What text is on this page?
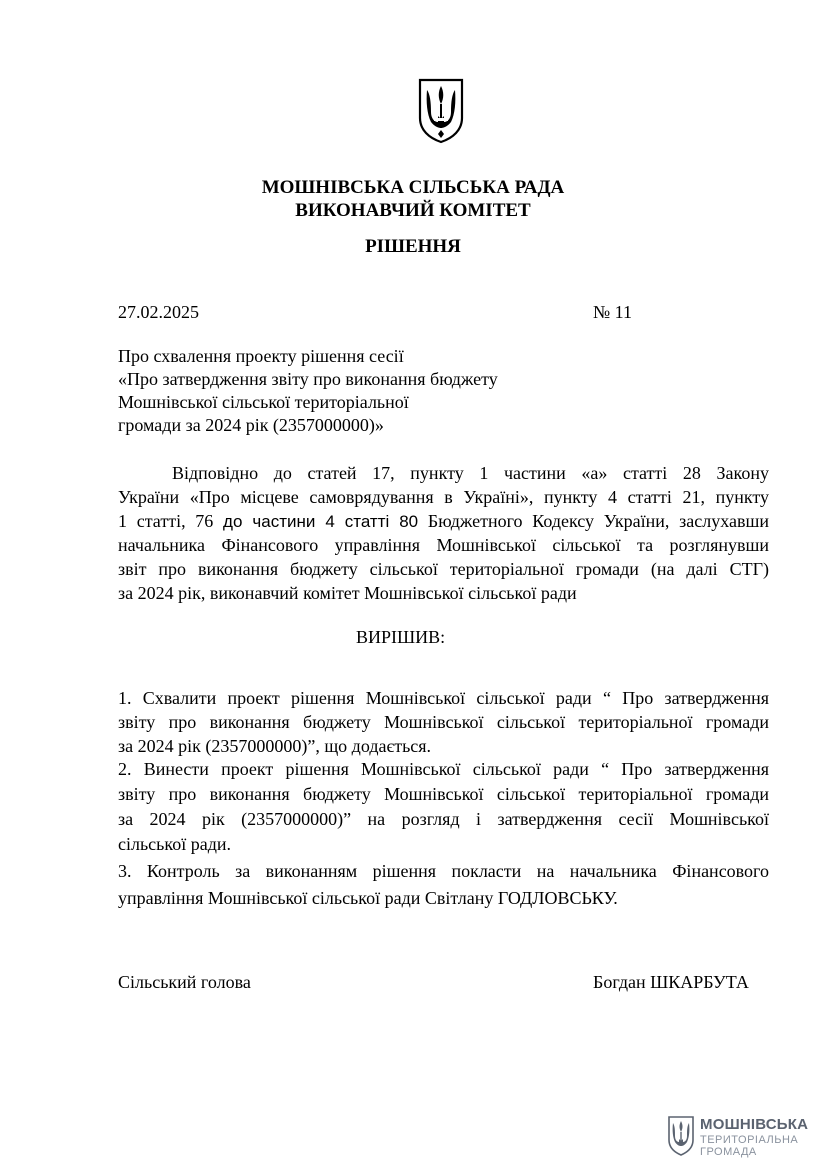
МОШНІВСЬКА СІЛЬСЬКА РАДА
ВИКОНАВЧИЙ КОМІТЕТ
РІШЕННЯ
27.02.2025	№ 11
Про схвалення проекту рішення сесії
«Про затвердження звіту про виконання бюджету
Мошнівської сільської територіальної
громади за 2024 рік (2357000000)»
Відповідно до статей 17, пункту 1 частини «а» статті 28 Закону
України «Про місцеве самоврядування в Україні», пункту 4 статті 21, пункту
1 статті, 76 до частини 4 статті 80 Бюджетного Кодексу України, заслухавши
начальника Фінансового управління Мошнівської сільської та розглянувши
звіт про виконання бюджету сільської територіальної громади (на далі СТГ)
за 2024 рік, виконавчий комітет Мошнівської сільської ради
ВИРІШИВ:
1. Схвалити проект рішення Мошнівської сільської ради “ Про затвердження
звіту про виконання бюджету Мошнівської сільської територіальної громади
за 2024 рік (2357000000)”, що додається.
2. Винести проект рішення Мошнівської сільської ради “ Про затвердження
звіту про виконання бюджету Мошнівської сільської територіальної громади
за 2024 рік (2357000000)” на розгляд і затвердження сесії Мошнівської
сільської ради.
3. Контроль за виконанням рішення покласти на начальника Фінансового
управління Мошнівської сільської ради Світлану ГОДЛОВСЬКУ.
Сільський голова	Богдан ШКАРБУТА
МОШНІВСЬКА
ТЕРИТОРІАЛЬНА
ГРОМАДА
